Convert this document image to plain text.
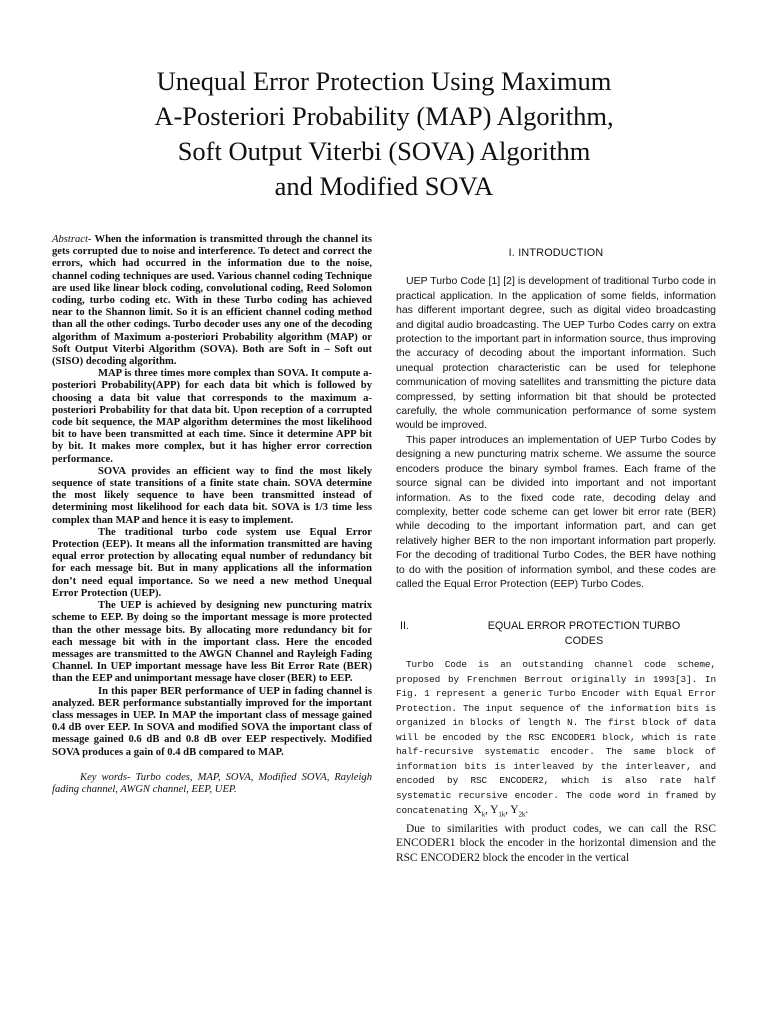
Unequal Error Protection Using Maximum
A-Posteriori Probability (MAP) Algorithm,
Soft Output Viterbi (SOVA) Algorithm
and Modified SOVA

Abstract- When the information is transmitted through the channel its gets corrupted due to noise and interference. To detect and correct the errors, which had occurred in the information due to the noise, channel coding techniques are used. Various channel coding Technique are used like linear block coding, convolutional coding, Reed Solomon coding, turbo coding etc. With in these Turbo coding has achieved near to the Shannon limit. So it is an efficient channel coding method than all the other codings. Turbo decoder uses any one of the decoding algorithm of Maximum a-posteriori Probability algorithm (MAP) or Soft Output Viterbi Algorithm (SOVA). Both are Soft in – Soft out (SISO) decoding algorithm.

MAP is three times more complex than SOVA. It compute a-posteriori Probability(APP) for each data bit which is followed by choosing a data bit value that corresponds to the maximum a-posteriori Probability for that data bit. Upon reception of a corrupted code bit sequence, the MAP algorithm determines the most likelihood bit to have been transmitted at each time. Since it determine APP bit by bit. It makes more complex, but it has higher error correction performance.

SOVA provides an efficient way to find the most likely sequence of state transitions of a finite state chain. SOVA determine the most likely sequence to have been transmitted instead of determining most likelihood for each data bit. SOVA is 1/3 time less complex than MAP and hence it is easy to implement.

The traditional turbo code system use Equal Error Protection (EEP). It means all the information transmitted are having equal error protection by allocating equal number of redundancy bit for each message bit. But in many applications all the information don’t need equal importance. So we need a new method Unequal Error Protection (UEP).

The UEP is achieved by designing new puncturing matrix scheme to EEP. By doing so the important message is more protected than the other message bits. By allocating more redundancy bit for each message bit with in the important class. Here the encoded messages are transmitted to the AWGN Channel and Rayleigh Fading Channel. In UEP important message have less Bit Error Rate (BER) than the EEP and unimportant message have closer (BER) to EEP.

In this paper BER performance of UEP in fading channel is analyzed. BER performance substantially improved for the important class messages in UEP. In MAP the important class of message gained 0.4 dB over EEP. In SOVA and modified SOVA the important class of message gained 0.6 dB and 0.8 dB over EEP respectively. Modified SOVA produces a gain of 0.4 dB compared to MAP.

Key words- Turbo codes, MAP, SOVA, Modified SOVA, Rayleigh fading channel, AWGN channel, EEP, UEP.

I. INTRODUCTION

UEP Turbo Code [1] [2] is development of traditional Turbo code in practical application. In the application of some fields, information has different important degree, such as digital video broadcasting and digital audio broadcasting. The UEP Turbo Codes carry on extra protection to the important part in information source, thus improving the accuracy of decoding about the important information. Such unequal protection characteristic can be used for telephone communication of moving satellites and transmitting the picture data compressed, by setting information bit that should be protected carefully, the whole communication performance of some system would be improved.

This paper introduces an implementation of UEP Turbo Codes by designing a new puncturing matrix scheme. We assume the source encoders produce the binary symbol frames. Each frame of the source signal can be divided into important and not important information. As to the fixed code rate, decoding delay and complexity, better code scheme can get lower bit error rate (BER) while decoding to the important information part, and can get relatively higher BER to the non important information part properly. For the decoding of traditional Turbo Codes, the BER have nothing to do with the position of information symbol, and these codes are called the Equal Error Protection (EEP) Turbo Codes.

II.	EQUAL ERROR PROTECTION TURBO CODES

Turbo Code is an outstanding channel code scheme, proposed by Frenchmen Berrout originally in 1993[3]. In Fig. 1 represent a generic Turbo Encoder with Equal Error Protection. The input sequence of the information bits is organized in blocks of length N. The first block of data will be encoded by the RSC ENCODER1 block, which is rate half-recursive systematic encoder. The same block of information bits is interleaved by the interleaver, and encoded by RSC ENCODER2, which is also rate half systematic recursive encoder. The code word in framed by concatenating $X_k$, $Y_{1k}$, $Y_{2k}$.

Due to similarities with product codes, we can call the RSC ENCODER1 block the encoder in the horizontal dimension and the RSC ENCODER2 block the encoder in the vertical
